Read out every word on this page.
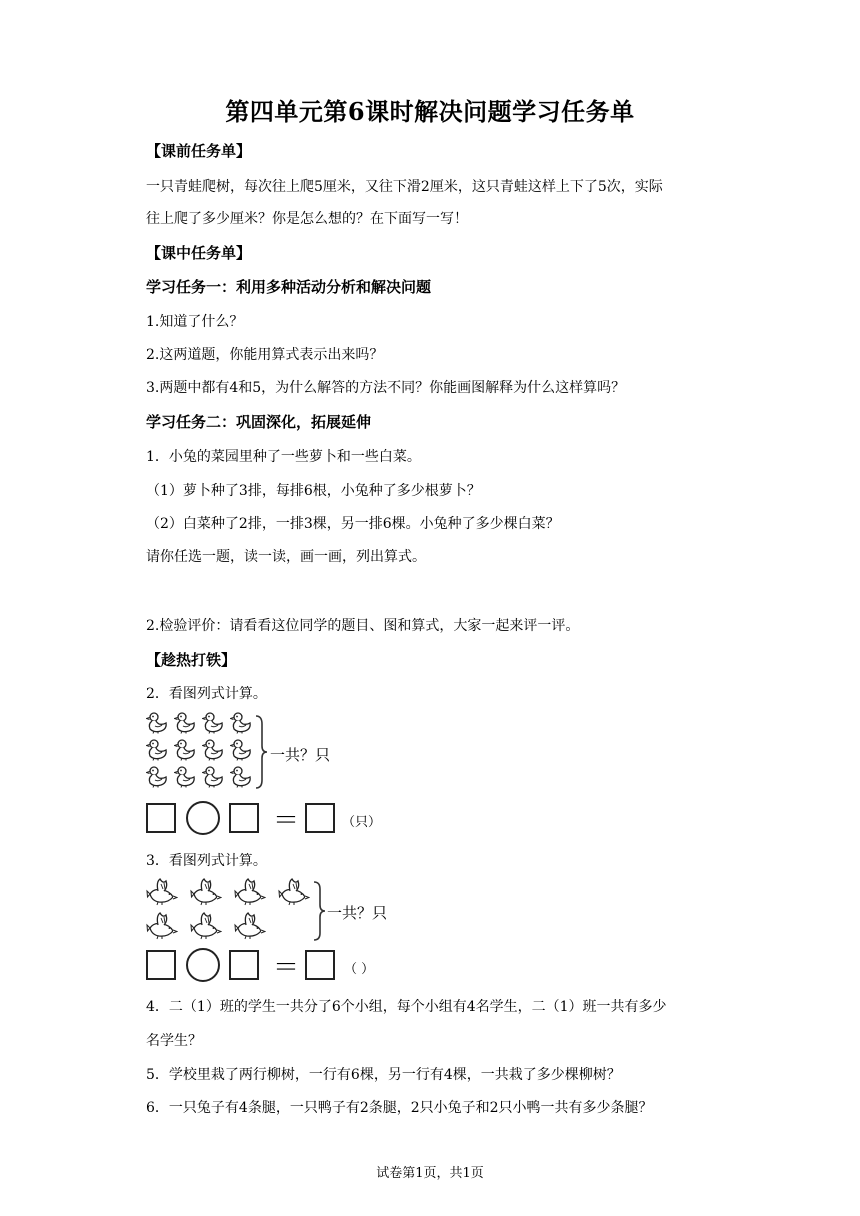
第四单元第6课时解决问题学习任务单
【课前任务单】
一只青蛙爬树，每次往上爬5厘米，又往下滑2厘米，这只青蛙这样上下了5次，实际
往上爬了多少厘米？你是怎么想的？在下面写一写！
【课中任务单】
学习任务一：利用多种活动分析和解决问题
1.知道了什么？
2.这两道题，你能用算式表示出来吗？
3.两题中都有4和5，为什么解答的方法不同？你能画图解释为什么这样算吗？
学习任务二：巩固深化，拓展延伸
1．小兔的菜园里种了一些萝卜和一些白菜。
（1）萝卜种了3排，每排6根，小兔种了多少根萝卜？
（2）白菜种了2排，一排3棵，另一排6棵。小兔种了多少棵白菜？
请你任选一题，读一读，画一画，列出算式。
2.检验评价：请看看这位同学的题目、图和算式，大家一起来评一评。
【趁热打铁】
2．看图列式计算。
一共？只
＝	（只）
3．看图列式计算。
一共？只
＝	（ ）
4．二（1）班的学生一共分了6个小组，每个小组有4名学生，二（1）班一共有多少
名学生？
5．学校里栽了两行柳树，一行有6棵，另一行有4棵，一共栽了多少棵柳树？
6．一只兔子有4条腿，一只鸭子有2条腿，2只小兔子和2只小鸭一共有多少条腿？
试卷第1页，共1页
